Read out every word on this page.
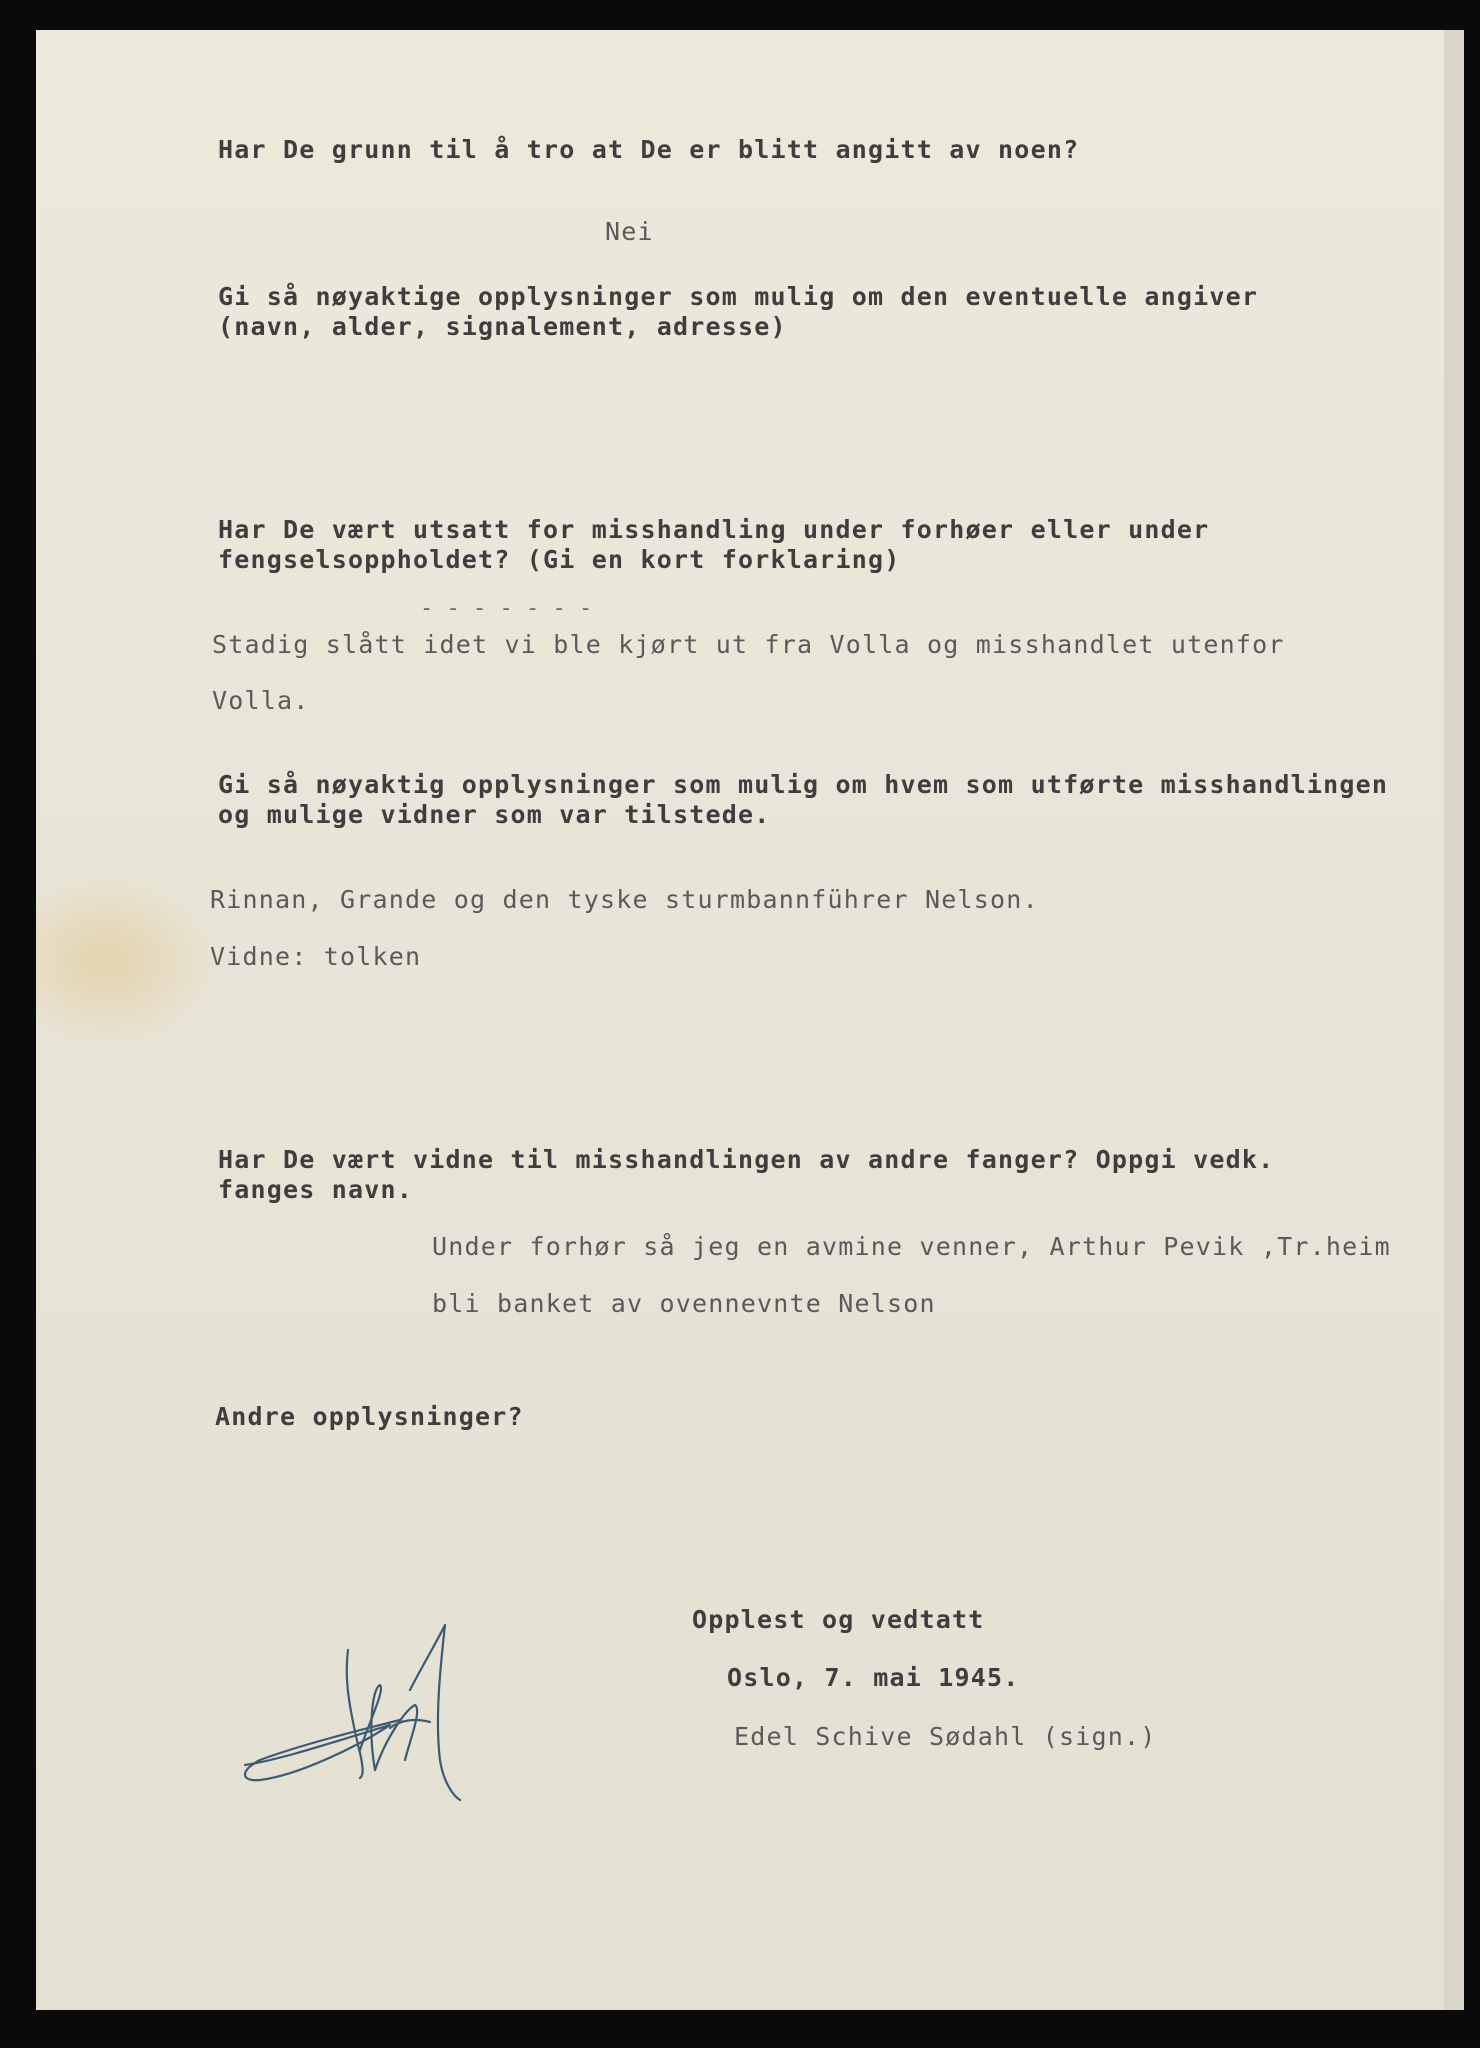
Har De grunn til å tro at De er blitt angitt av noen?
Nei
Gi så nøyaktige opplysninger som mulig om den eventuelle angiver
(navn, alder, signalement, adresse)
Har De vært utsatt for misshandling under forhøer eller under
fengselsoppholdet? (Gi en kort forklaring)
- - - - - - -
Stadig slått idet vi ble kjørt ut fra Volla og misshandlet utenfor
Volla.
Gi så nøyaktig opplysninger som mulig om hvem som utførte misshandlingen
og mulige vidner som var tilstede.
Rinnan, Grande og den tyske sturmbannführer Nelson.
Vidne: tolken
Har De vært vidne til misshandlingen av andre fanger? Oppgi vedk.
fanges navn.
Under forhør så jeg en avmine venner, Arthur Pevik ,Tr.heim
bli banket av ovennevnte Nelson
Andre opplysninger?
Opplest og vedtatt
Oslo, 7. mai 1945.
Edel Schive Sødahl (sign.)
